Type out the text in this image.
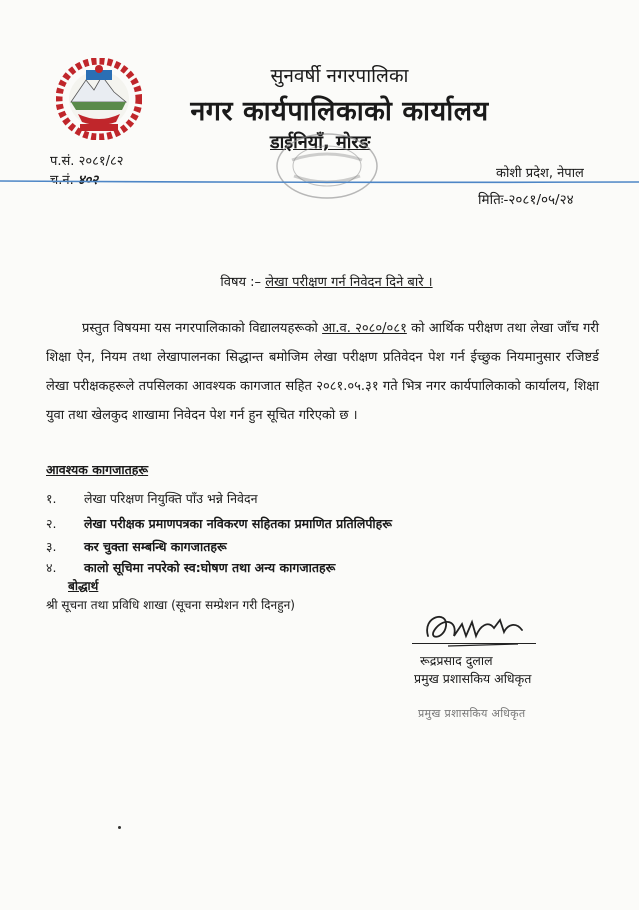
सुनवर्षी नगरपालिका
नगर कार्यपालिकाको कार्यालय
डाईनियाँ, मोरङ
प.सं. २०८१/८२
च.नं. ४०२	कोशी प्रदेश, नेपाल
मितिः-२०८१/०५/२४
विषय :– लेखा परीक्षण गर्न निवेदन दिने बारे ।
प्रस्तुत विषयमा यस नगरपालिकाको विद्यालयहरूको आ.व. २०८०/०८१ को आर्थिक परीक्षण तथा लेखा जाँच गरी शिक्षा ऐन, नियम तथा लेखापालनका सिद्धान्त बमोजिम लेखा परीक्षण प्रतिवेदन पेश गर्न ईच्छुक नियमानुसार रजिष्टर्ड लेखा परीक्षकहरूले तपसिलका आवश्यक कागजात सहित २०८१.०५.३१ गते भित्र नगर कार्यपालिकाको कार्यालय, शिक्षा युवा तथा खेलकुद शाखामा निवेदन पेश गर्न हुन सूचित गरिएको छ ।
आवश्यक कागजातहरू
१. लेखा परिक्षण नियुक्ति पाँउ भन्ने निवेदन
२. लेखा परीक्षक प्रमाणपत्रका नविकरण सहितका प्रमाणित प्रतिलिपीहरू
३. कर चुक्ता सम्बन्धि कागजातहरू
४. कालो सूचिमा नपरेको स्व:घोषण तथा अन्य कागजातहरू
बोद्धार्थ
श्री सूचना तथा प्रविधि शाखा (सूचना सम्प्रेशन गरी दिनहुन)
रूद्रप्रसाद दुलाल
प्रमुख प्रशासकिय अधिकृत
प्रमुख प्रशासकिय अधिकृत
